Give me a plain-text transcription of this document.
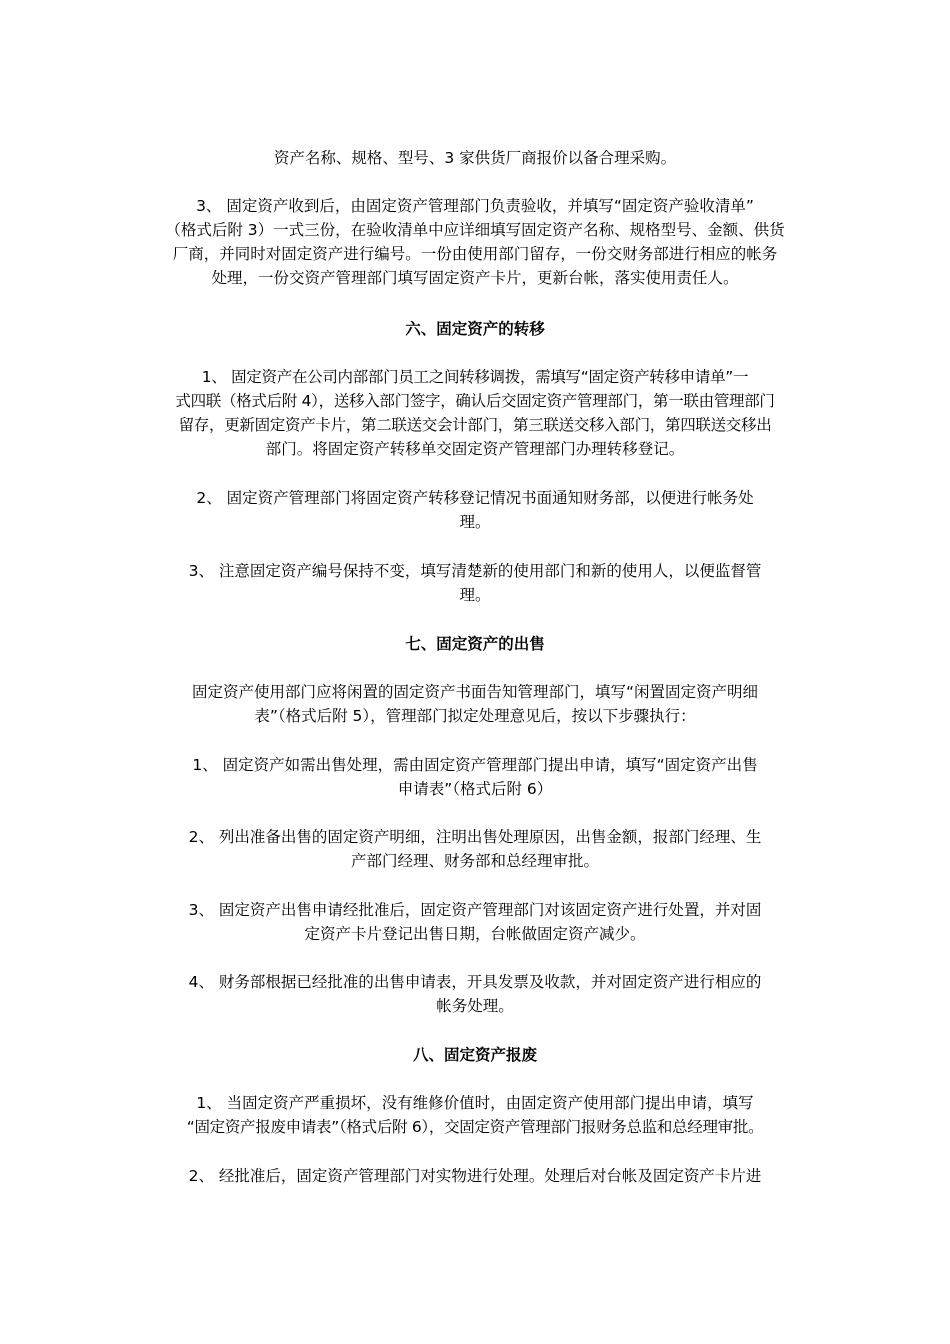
资产名称、规格、型号、3 家供货厂商报价以备合理采购。
3、 固定资产收到后，由固定资产管理部门负责验收，并填写“固定资产验收清单”
（格式后附 3）一式三份，在验收清单中应详细填写固定资产名称、规格型号、金额、供货
厂商，并同时对固定资产进行编号。一份由使用部门留存，一份交财务部进行相应的帐务
处理，一份交资产管理部门填写固定资产卡片，更新台帐，落实使用责任人。
六、固定资产的转移
1、 固定资产在公司内部部门员工之间转移调拨，需填写“固定资产转移申请单”一
式四联（格式后附 4），送移入部门签字，确认后交固定资产管理部门，第一联由管理部门
留存，更新固定资产卡片，第二联送交会计部门，第三联送交移入部门，第四联送交移出
部门。将固定资产转移单交固定资产管理部门办理转移登记。
2、 固定资产管理部门将固定资产转移登记情况书面通知财务部，以便进行帐务处
理。
3、 注意固定资产编号保持不变，填写清楚新的使用部门和新的使用人，以便监督管
理。
七、固定资产的出售
固定资产使用部门应将闲置的固定资产书面告知管理部门，填写“闲置固定资产明细
表”（格式后附 5），管理部门拟定处理意见后，按以下步骤执行：
1、 固定资产如需出售处理，需由固定资产管理部门提出申请，填写“固定资产出售
申请表”（格式后附 6）
2、 列出准备出售的固定资产明细，注明出售处理原因，出售金额，报部门经理、生
产部门经理、财务部和总经理审批。
3、 固定资产出售申请经批准后，固定资产管理部门对该固定资产进行处置，并对固
定资产卡片登记出售日期，台帐做固定资产减少。
4、 财务部根据已经批准的出售申请表，开具发票及收款，并对固定资产进行相应的
帐务处理。
八、固定资产报废
1、 当固定资产严重损坏，没有维修价值时，由固定资产使用部门提出申请，填写
“固定资产报废申请表”（格式后附 6），交固定资产管理部门报财务总监和总经理审批。
2、 经批准后，固定资产管理部门对实物进行处理。处理后对台帐及固定资产卡片进
